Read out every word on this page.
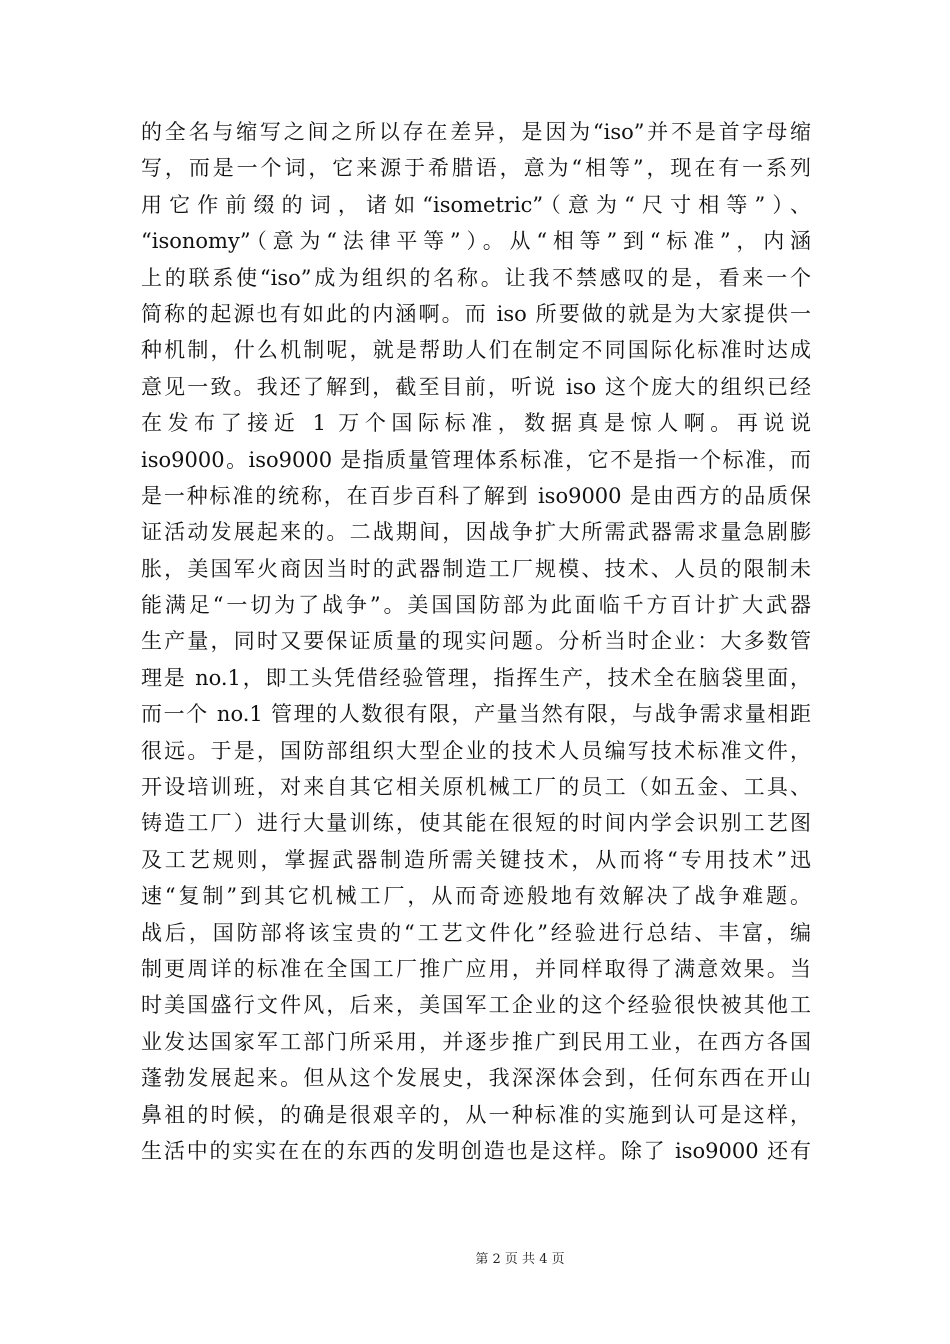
的全名与缩写之间之所以存在差异，是因为“iso”并不是首字母缩
写，而是一个词，它来源于希腊语，意为“相等”，现在有一系列
用它作前缀的词，诸如“isometric”（意为“尺寸相等”）、
“isonomy”（意为“法律平等”）。从“相等”到“标准”，内涵
上的联系使“iso”成为组织的名称。让我不禁感叹的是，看来一个
简称的起源也有如此的内涵啊。而 iso 所要做的就是为大家提供一
种机制，什么机制呢，就是帮助人们在制定不同国际化标准时达成
意见一致。我还了解到，截至目前，听说 iso 这个庞大的组织已经
在发布了接近 1 万个国际标准，数据真是惊人啊。再说说
iso9000。iso9000 是指质量管理体系标准，它不是指一个标准，而
是一种标准的统称，在百步百科了解到 iso9000 是由西方的品质保
证活动发展起来的。二战期间，因战争扩大所需武器需求量急剧膨
胀，美国军火商因当时的武器制造工厂规模、技术、人员的限制未
能满足“一切为了战争”。美国国防部为此面临千方百计扩大武器
生产量，同时又要保证质量的现实问题。分析当时企业：大多数管
理是 no.1，即工头凭借经验管理，指挥生产，技术全在脑袋里面，
而一个 no.1 管理的人数很有限，产量当然有限，与战争需求量相距
很远。于是，国防部组织大型企业的技术人员编写技术标准文件，
开设培训班，对来自其它相关原机械工厂的员工（如五金、工具、
铸造工厂）进行大量训练，使其能在很短的时间内学会识别工艺图
及工艺规则，掌握武器制造所需关键技术，从而将“专用技术”迅
速“复制”到其它机械工厂，从而奇迹般地有效解决了战争难题。
战后，国防部将该宝贵的“工艺文件化”经验进行总结、丰富，编
制更周详的标准在全国工厂推广应用，并同样取得了满意效果。当
时美国盛行文件风，后来，美国军工企业的这个经验很快被其他工
业发达国家军工部门所采用，并逐步推广到民用工业，在西方各国
蓬勃发展起来。但从这个发展史，我深深体会到，任何东西在开山
鼻祖的时候，的确是很艰辛的，从一种标准的实施到认可是这样，
生活中的实实在在的东西的发明创造也是这样。除了 iso9000 还有
第 2 页 共 4 页
